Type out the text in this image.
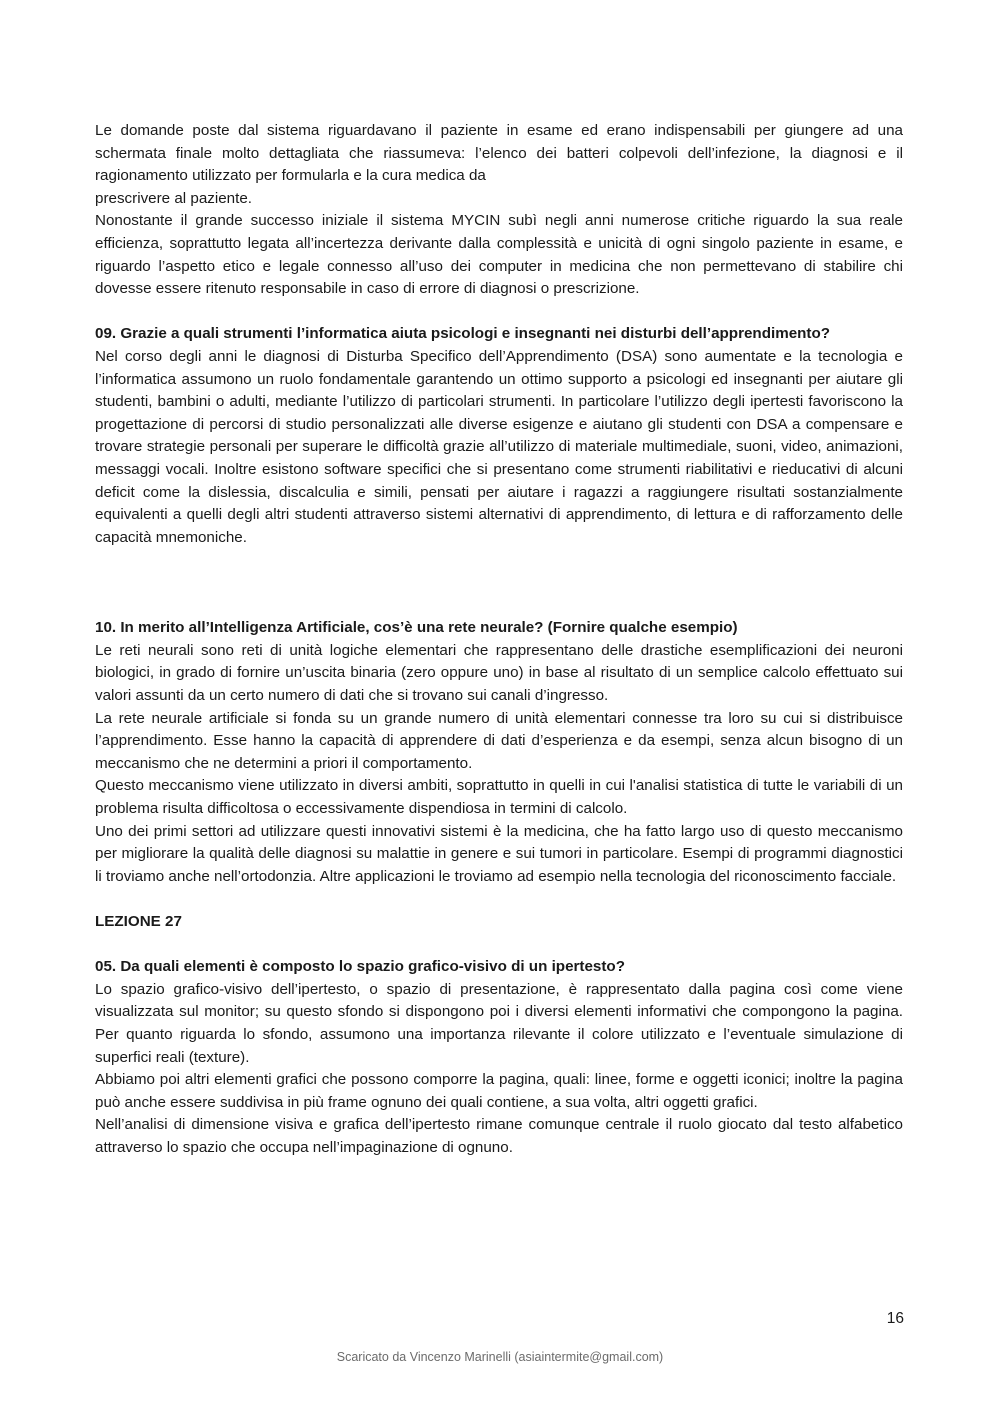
Le domande poste dal sistema riguardavano il paziente in esame ed erano indispensabili per giungere ad una schermata finale molto dettagliata che riassumeva: l’elenco dei batteri colpevoli dell’infezione, la diagnosi e il ragionamento utilizzato per formularla e la cura medica da

prescrivere al paziente.

Nonostante il grande successo iniziale il sistema MYCIN subì negli anni numerose critiche riguardo la sua reale efficienza, soprattutto legata all’incertezza derivante dalla complessità e unicità di ogni singolo paziente in esame, e riguardo l’aspetto etico e legale connesso all’uso dei computer in medicina che non permettevano di stabilire chi dovesse essere ritenuto responsabile in caso di errore di diagnosi o prescrizione.

09. Grazie a quali strumenti l’informatica aiuta psicologi e insegnanti nei disturbi dell’apprendimento?

Nel corso degli anni le diagnosi di Disturba Specifico dell’Apprendimento (DSA) sono aumentate e la tecnologia e l’informatica assumono un ruolo fondamentale garantendo un ottimo supporto a psicologi ed insegnanti per aiutare gli studenti, bambini o adulti, mediante l’utilizzo di particolari strumenti. In particolare l’utilizzo degli ipertesti favoriscono la progettazione di percorsi di studio personalizzati alle diverse esigenze e aiutano gli studenti con DSA a compensare e trovare strategie personali per superare le difficoltà grazie all’utilizzo di materiale multimediale, suoni, video, animazioni, messaggi vocali. Inoltre esistono software specifici che si presentano come strumenti riabilitativi e rieducativi di alcuni deficit come la dislessia, discalculia e simili, pensati per aiutare i ragazzi a raggiungere risultati sostanzialmente equivalenti a quelli degli altri studenti attraverso sistemi alternativi di apprendimento, di lettura e di rafforzamento delle capacità mnemoniche.

10. In merito all’Intelligenza Artificiale, cos’è una rete neurale? (Fornire qualche esempio)

Le reti neurali sono reti di unità logiche elementari che rappresentano delle drastiche esemplificazioni dei neuroni biologici, in grado di fornire un’uscita binaria (zero oppure uno) in base al risultato di un semplice calcolo effettuato sui valori assunti da un certo numero di dati che si trovano sui canali d’ingresso.

La rete neurale artificiale si fonda su un grande numero di unità elementari connesse tra loro su cui si distribuisce l’apprendimento. Esse hanno la capacità di apprendere di dati d’esperienza e da esempi, senza alcun bisogno di un meccanismo che ne determini a priori il comportamento.

Questo meccanismo viene utilizzato in diversi ambiti, soprattutto in quelli in cui l'analisi statistica di tutte le variabili di un problema risulta difficoltosa o eccessivamente dispendiosa in termini di calcolo.

Uno dei primi settori ad utilizzare questi innovativi sistemi è la medicina, che ha fatto largo uso di questo meccanismo per migliorare la qualità delle diagnosi su malattie in genere e sui tumori in particolare. Esempi di programmi diagnostici li troviamo anche nell’ortodonzia. Altre applicazioni le troviamo ad esempio nella tecnologia del riconoscimento facciale.

LEZIONE 27

05. Da quali elementi è composto lo spazio grafico-visivo di un ipertesto?

Lo spazio grafico-visivo dell’ipertesto, o spazio di presentazione, è rappresentato dalla pagina così come viene visualizzata sul monitor; su questo sfondo si dispongono poi i diversi elementi informativi che compongono la pagina. Per quanto riguarda lo sfondo, assumono una importanza rilevante il colore utilizzato e l’eventuale simulazione di superfici reali (texture).

Abbiamo poi altri elementi grafici che possono comporre la pagina, quali: linee, forme e oggetti iconici; inoltre la pagina può anche essere suddivisa in più frame ognuno dei quali contiene, a sua volta, altri oggetti grafici.

Nell’analisi di dimensione visiva e grafica dell’ipertesto rimane comunque centrale il ruolo giocato dal testo alfabetico attraverso lo spazio che occupa nell’impaginazione di ognuno.

16
Scaricato da Vincenzo Marinelli (asiaintermite@gmail.com)
